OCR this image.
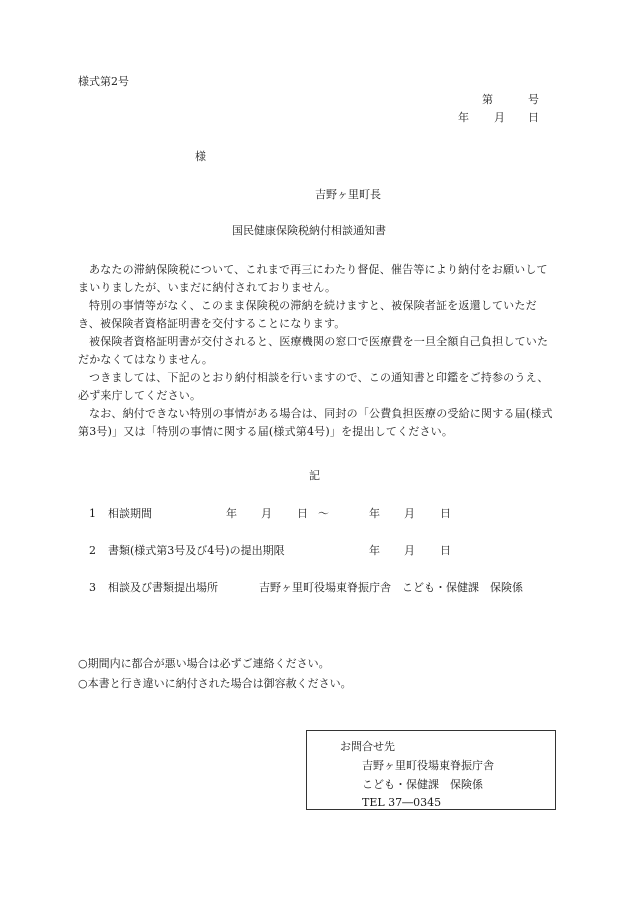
様式第2号
第	号
年 月 日
様
吉野ヶ里町長
国民健康保険税納付相談通知書
あなたの滞納保険税について、これまで再三にわたり督促、催告等により納付をお願いしてまいりましたが、いまだに納付されておりません。
特別の事情等がなく、このまま保険税の滞納を続けますと、被保険者証を返還していただき、被保険者資格証明書を交付することになります。
被保険者資格証明書が交付されると、医療機関の窓口で医療費を一旦全額自己負担していただかなくてはなりません。
つきましては、下記のとおり納付相談を行いますので、この通知書と印鑑をご持参のうえ、必ず来庁してください。
なお、納付できない特別の事情がある場合は、同封の「公費負担医療の受給に関する届(様式第3号)」又は「特別の事情に関する届(様式第4号)」を提出してください。
記
1 相談期間	年 月 日 ～	年 月 日
2 書類(様式第3号及び4号)の提出期限	年 月 日
3 相談及び書類提出場所	吉野ヶ里町役場東脊振庁舎　こども・保健課　保険係
○期間内に都合が悪い場合は必ずご連絡ください。
○本書と行き違いに納付された場合は御容赦ください。
お問合せ先
吉野ヶ里町役場東脊振庁舎
こども・保健課　保険係
TEL 37―0345
